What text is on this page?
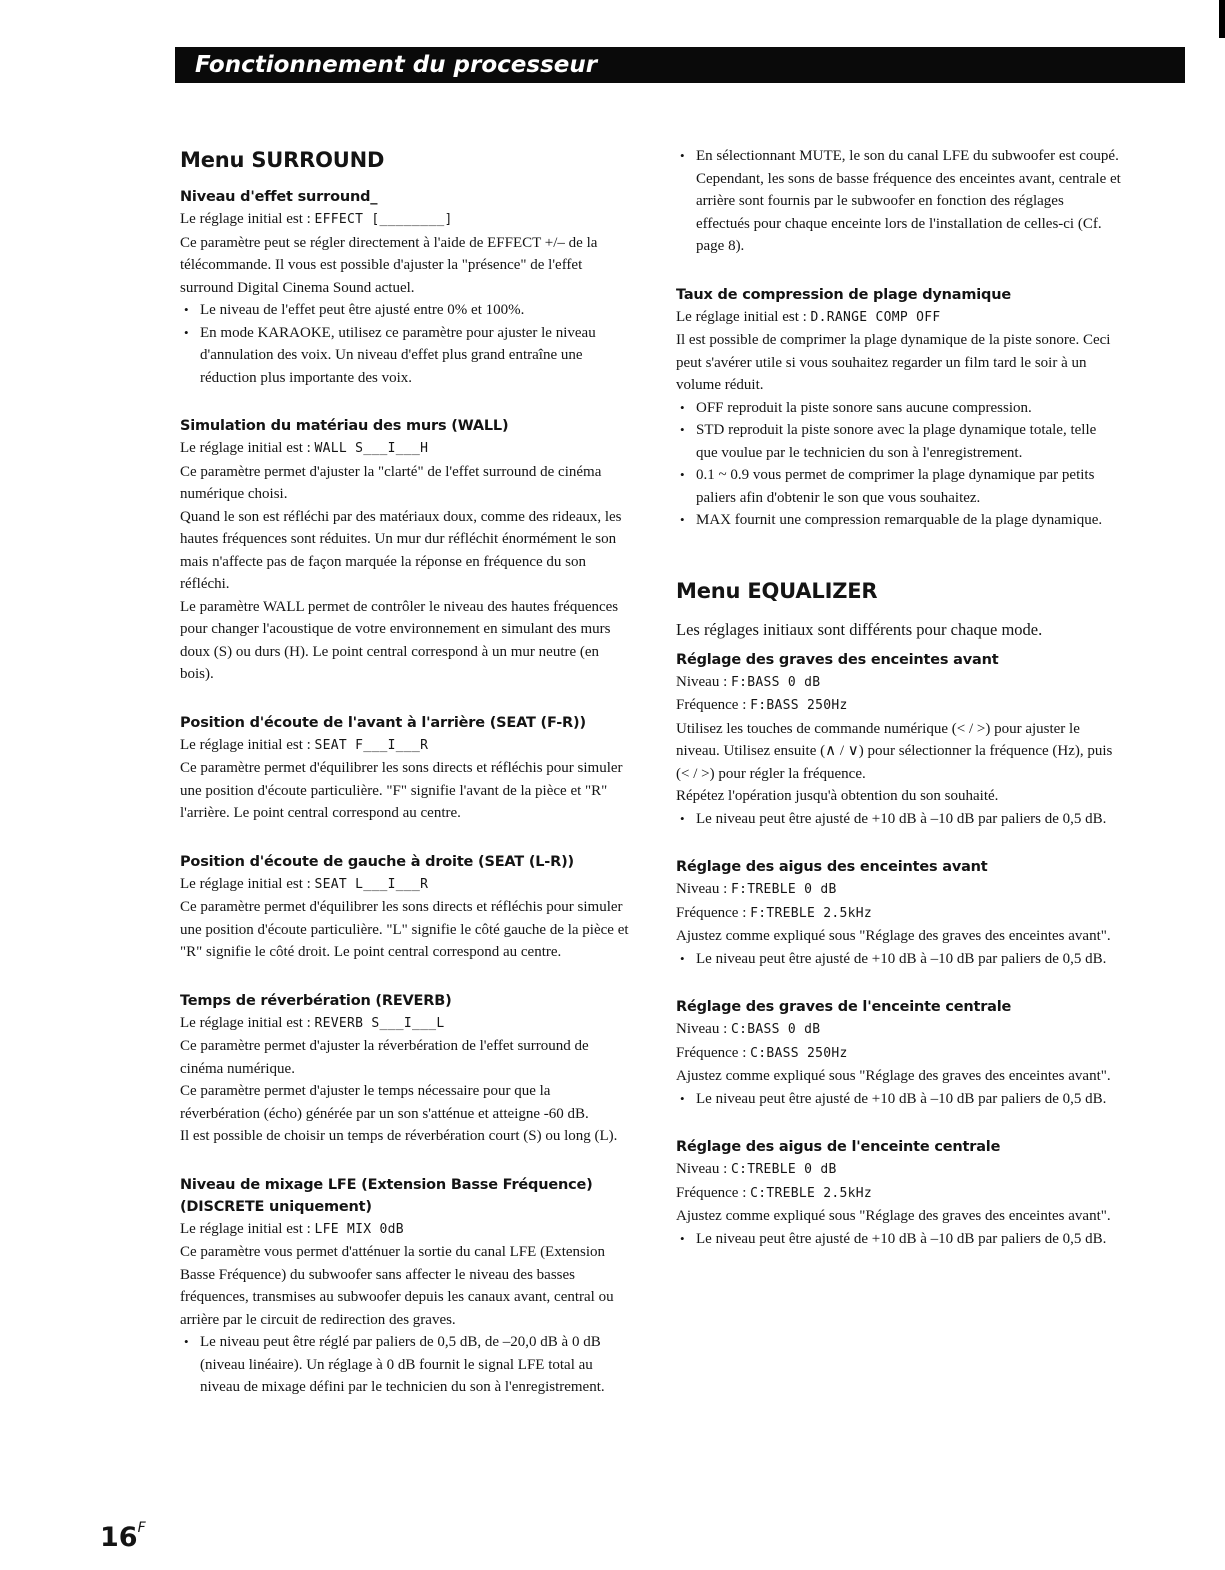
Fonctionnement du processeur
Menu SURROUND
Niveau d'effet surround_

Le réglage initial est : EFFECT [________]

Ce paramètre peut se régler directement à l'aide de EFFECT +/– de la télécommande. Il vous est possible d'ajuster la "présence" de l'effet surround Digital Cinema Sound actuel.

• Le niveau de l'effet peut être ajusté entre 0% et 100%.
• En mode KARAOKE, utilisez ce paramètre pour ajuster le niveau d'annulation des voix. Un niveau d'effet plus grand entraîne une réduction plus importante des voix.
Simulation du matériau des murs (WALL)

Le réglage initial est : WALL S___I___H

Ce paramètre permet d'ajuster la "clarté" de l'effet surround de cinéma numérique choisi.

Quand le son est réfléchi par des matériaux doux, comme des rideaux, les hautes fréquences sont réduites. Un mur dur réfléchit énormément le son mais n'affecte pas de façon marquée la réponse en fréquence du son réfléchi.

Le paramètre WALL permet de contrôler le niveau des hautes fréquences pour changer l'acoustique de votre environnement en simulant des murs doux (S) ou durs (H). Le point central correspond à un mur neutre (en bois).

Position d'écoute de l'avant à l'arrière (SEAT (F-R))

Le réglage initial est : SEAT F___I___R

Ce paramètre permet d'équilibrer les sons directs et réfléchis pour simuler une position d'écoute particulière. "F" signifie l'avant de la pièce et "R" l'arrière. Le point central correspond au centre.

Position d'écoute de gauche à droite (SEAT (L-R))

Le réglage initial est : SEAT L___I___R

Ce paramètre permet d'équilibrer les sons directs et réfléchis pour simuler une position d'écoute particulière. "L" signifie le côté gauche de la pièce et "R" signifie le côté droit. Le point central correspond au centre.

Temps de réverbération (REVERB)

Le réglage initial est : REVERB S___I___L

Ce paramètre permet d'ajuster la réverbération de l'effet surround de cinéma numérique.

Ce paramètre permet d'ajuster le temps nécessaire pour que la réverbération (écho) générée par un son s'atténue et atteigne -60 dB.

Il est possible de choisir un temps de réverbération court (S) ou long (L).

Niveau de mixage LFE (Extension Basse Fréquence) (DISCRETE uniquement)

Le réglage initial est : LFE MIX 0dB

Ce paramètre vous permet d'atténuer la sortie du canal LFE (Extension Basse Fréquence) du subwoofer sans affecter le niveau des basses fréquences, transmises au subwoofer depuis les canaux avant, central ou arrière par le circuit de redirection des graves.

• Le niveau peut être réglé par paliers de 0,5 dB, de –20,0 dB à 0 dB (niveau linéaire). Un réglage à 0 dB fournit le signal LFE total au niveau de mixage défini par le technicien du son à l'enregistrement.
• En sélectionnant MUTE, le son du canal LFE du subwoofer est coupé. Cependant, les sons de basse fréquence des enceintes avant, centrale et arrière sont fournis par le subwoofer en fonction des réglages effectués pour chaque enceinte lors de l'installation de celles-ci (Cf. page 8).
Taux de compression de plage dynamique

Le réglage initial est : D.RANGE COMP OFF

Il est possible de comprimer la plage dynamique de la piste sonore. Ceci peut s'avérer utile si vous souhaitez regarder un film tard le soir à un volume réduit.

• OFF reproduit la piste sonore sans aucune compression.
• STD reproduit la piste sonore avec la plage dynamique totale, telle que voulue par le technicien du son à l'enregistrement.
• 0.1 ~ 0.9 vous permet de comprimer la plage dynamique par petits paliers afin d'obtenir le son que vous souhaitez.
• MAX fournit une compression remarquable de la plage dynamique.
Menu EQUALIZER

Les réglages initiaux sont différents pour chaque mode.

Réglage des graves des enceintes avant

Niveau : F:BASS 0 dB

Fréquence : F:BASS 250Hz

Utilisez les touches de commande numérique (< / >) pour ajuster le niveau. Utilisez ensuite (∧ / ∨) pour sélectionner la fréquence (Hz), puis (< / >) pour régler la fréquence.

Répétez l'opération jusqu'à obtention du son souhaité.

• Le niveau peut être ajusté de +10 dB à –10 dB par paliers de 0,5 dB.
Réglage des aigus des enceintes avant

Niveau : F:TREBLE 0 dB

Fréquence : F:TREBLE 2.5kHz

Ajustez comme expliqué sous "Réglage des graves des enceintes avant".

• Le niveau peut être ajusté de +10 dB à –10 dB par paliers de 0,5 dB.
Réglage des graves de l'enceinte centrale

Niveau : C:BASS 0 dB

Fréquence : C:BASS 250Hz

Ajustez comme expliqué sous "Réglage des graves des enceintes avant".

• Le niveau peut être ajusté de +10 dB à –10 dB par paliers de 0,5 dB.
Réglage des aigus de l'enceinte centrale

Niveau : C:TREBLE 0 dB

Fréquence : C:TREBLE 2.5kHz

Ajustez comme expliqué sous "Réglage des graves des enceintes avant".

• Le niveau peut être ajusté de +10 dB à –10 dB par paliers de 0,5 dB.
$16^F$
